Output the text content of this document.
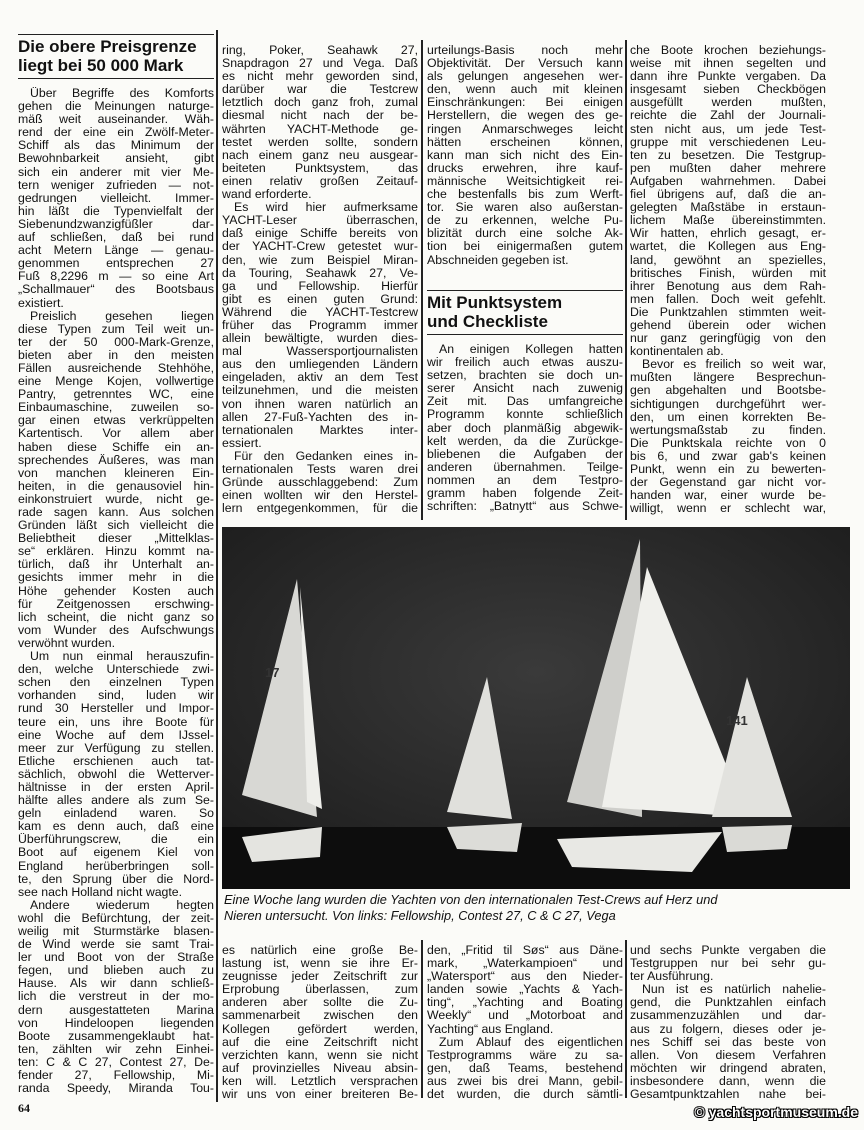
Die obere Preisgrenze
liegt bei 50 000 Mark
Über Begriffe des Komforts
gehen die Meinungen naturge-
mäß weit auseinander. Wäh-
rend der eine ein Zwölf-Meter-
Schiff als das Minimum der
Bewohnbarkeit ansieht, gibt
sich ein anderer mit vier Me-
tern weniger zufrieden — not-
gedrungen vielleicht. Immer-
hin läßt die Typenvielfalt der
Siebenundzwanzigfüßler dar-
auf schließen, daß bei rund
acht Metern Länge — genau-
genommen entsprechen 27
Fuß 8,2296 m — so eine Art
„Schallmauer“ des Bootsbaus
existiert.
Preislich gesehen liegen
diese Typen zum Teil weit un-
ter der 50 000-Mark-Grenze,
bieten aber in den meisten
Fällen ausreichende Stehhöhe,
eine Menge Kojen, vollwertige
Pantry, getrenntes WC, eine
Einbaumaschine, zuweilen so-
gar einen etwas verkrüppelten
Kartentisch. Vor allem aber
haben diese Schiffe ein an-
sprechendes Äußeres, was man
von manchen kleineren Ein-
heiten, in die genausoviel hin-
einkonstruiert wurde, nicht ge-
rade sagen kann. Aus solchen
Gründen läßt sich vielleicht die
Beliebtheit dieser „Mittelklas-
se“ erklären. Hinzu kommt na-
türlich, daß ihr Unterhalt an-
gesichts immer mehr in die
Höhe gehender Kosten auch
für Zeitgenossen erschwing-
lich scheint, die nicht ganz so
vom Wunder des Aufschwungs
verwöhnt wurden.
Um nun einmal herauszufin-
den, welche Unterschiede zwi-
schen den einzelnen Typen
vorhanden sind, luden wir
rund 30 Hersteller und Impor-
teure ein, uns ihre Boote für
eine Woche auf dem IJssel-
meer zur Verfügung zu stellen.
Etliche erschienen auch tat-
sächlich, obwohl die Wetterver-
hältnisse in der ersten April-
hälfte alles andere als zum Se-
geln einladend waren. So
kam es denn auch, daß eine
Überführungscrew, die ein
Boot auf eigenem Kiel von
England herüberbringen soll-
te, den Sprung über die Nord-
see nach Holland nicht wagte.
Andere wiederum hegten
wohl die Befürchtung, der zeit-
weilig mit Sturmstärke blasen-
de Wind werde sie samt Trai-
ler und Boot von der Straße
fegen, und blieben auch zu
Hause. Als wir dann schließ-
lich die verstreut in der mo-
dern ausgestatteten Marina
von Hindeloopen liegenden
Boote zusammengeklaubt hat-
ten, zählten wir zehn Einhei-
ten: C & C 27, Contest 27, De-
fender 27, Fellowship, Mi-
randa Speedy, Miranda Tou-
ring, Poker, Seahawk 27,
Snapdragon 27 und Vega. Daß
es nicht mehr geworden sind,
darüber war die Testcrew
letztlich doch ganz froh, zumal
diesmal nicht nach der be-
währten YACHT-Methode ge-
testet werden sollte, sondern
nach einem ganz neu ausgear-
beiteten Punktsystem, das
einen relativ großen Zeitauf-
wand erforderte.
Es wird hier aufmerksame
YACHT-Leser überraschen,
daß einige Schiffe bereits von
der YACHT-Crew getestet wur-
den, wie zum Beispiel Miran-
da Touring, Seahawk 27, Ve-
ga und Fellowship. Hierfür
gibt es einen guten Grund:
Während die YACHT-Testcrew
früher das Programm immer
allein bewältigte, wurden dies-
mal Wassersportjournalisten
aus den umliegenden Ländern
eingeladen, aktiv an dem Test
teilzunehmen, und die meisten
von ihnen waren natürlich an
allen 27-Fuß-Yachten des in-
ternationalen Marktes inter-
essiert.
Für den Gedanken eines in-
ternationalen Tests waren drei
Gründe ausschlaggebend: Zum
einen wollten wir den Herstel-
lern entgegenkommen, für die
urteilungs-Basis noch mehr
Objektivität. Der Versuch kann
als gelungen angesehen wer-
den, wenn auch mit kleinen
Einschränkungen: Bei einigen
Herstellern, die wegen des ge-
ringen Anmarschweges leicht
hätten erscheinen können,
kann man sich nicht des Ein-
drucks erwehren, ihre kauf-
männische Weitsichtigkeit rei-
che bestenfalls bis zum Werft-
tor. Sie waren also außerstan-
de zu erkennen, welche Pu-
blizität durch eine solche Ak-
tion bei einigermaßen gutem
Abschneiden gegeben ist.
Mit Punktsystem
und Checkliste
An einigen Kollegen hatten
wir freilich auch etwas auszu-
setzen, brachten sie doch un-
serer Ansicht nach zuwenig
Zeit mit. Das umfangreiche
Programm konnte schließlich
aber doch planmäßig abgewik-
kelt werden, da die Zurückge-
bliebenen die Aufgaben der
anderen übernahmen. Teilge-
nommen an dem Testpro-
gramm haben folgende Zeit-
schriften: „Batnytt“ aus Schwe-
che Boote krochen beziehungs-
weise mit ihnen segelten und
dann ihre Punkte vergaben. Da
insgesamt sieben Checkbögen
ausgefüllt werden mußten,
reichte die Zahl der Journali-
sten nicht aus, um jede Test-
gruppe mit verschiedenen Leu-
ten zu besetzen. Die Testgrup-
pen mußten daher mehrere
Aufgaben wahrnehmen. Dabei
fiel übrigens auf, daß die an-
gelegten Maßstäbe in erstaun-
lichem Maße übereinstimmten.
Wir hatten, ehrlich gesagt, er-
wartet, die Kollegen aus Eng-
land, gewöhnt an spezielles,
britisches Finish, würden mit
ihrer Benotung aus dem Rah-
men fallen. Doch weit gefehlt.
Die Punktzahlen stimmten weit-
gehend überein oder wichen
nur ganz geringfügig von den
kontinentalen ab.
Bevor es freilich so weit war,
mußten längere Besprechun-
gen abgehalten und Bootsbe-
sichtigungen durchgeführt wer-
den, um einen korrekten Be-
wertungsmaßstab zu finden.
Die Punktskala reichte von 0
bis 6, und zwar gab's keinen
Punkt, wenn ein zu bewerten-
der Gegenstand gar nicht vor-
handen war, einer wurde be-
willigt, wenn er schlecht war,
es natürlich eine große Be-
lastung ist, wenn sie ihre Er-
zeugnisse jeder Zeitschrift zur
Erprobung überlassen, zum
anderen aber sollte die Zu-
sammenarbeit zwischen den
Kollegen gefördert werden,
auf die eine Zeitschrift nicht
verzichten kann, wenn sie nicht
auf provinzielles Niveau absin-
ken will. Letztlich versprachen
wir uns von einer breiteren Be-
den, „Fritid til Søs“ aus Däne-
mark, „Waterkampioen“ und
„Watersport“ aus den Nieder-
landen sowie „Yachts & Yach-
ting“, „Yachting and Boating
Weekly“ und „Motorboat and
Yachting“ aus England.
Zum Ablauf des eigentlichen
Testprogramms wäre zu sa-
gen, daß Teams, bestehend
aus zwei bis drei Mann, gebil-
det wurden, die durch sämtli-
und sechs Punkte vergaben die
Testgruppen nur bei sehr gu-
ter Ausführung.
Nun ist es natürlich nahelie-
gend, die Punktzahlen einfach
zusammenzuzählen und dar-
aus zu folgern, dieses oder je-
nes Schiff sei das beste von
allen. Von diesem Verfahren
möchten wir dringend abraten,
insbesondere dann, wenn die
Gesamtpunktzahlen nahe bei-
17
141
Eine Woche lang wurden die Yachten von den internationalen Test-Crews auf Herz und
Nieren untersucht. Von links: Fellowship, Contest 27, C & C 27, Vega
64	© yachtsportmuseum.de
